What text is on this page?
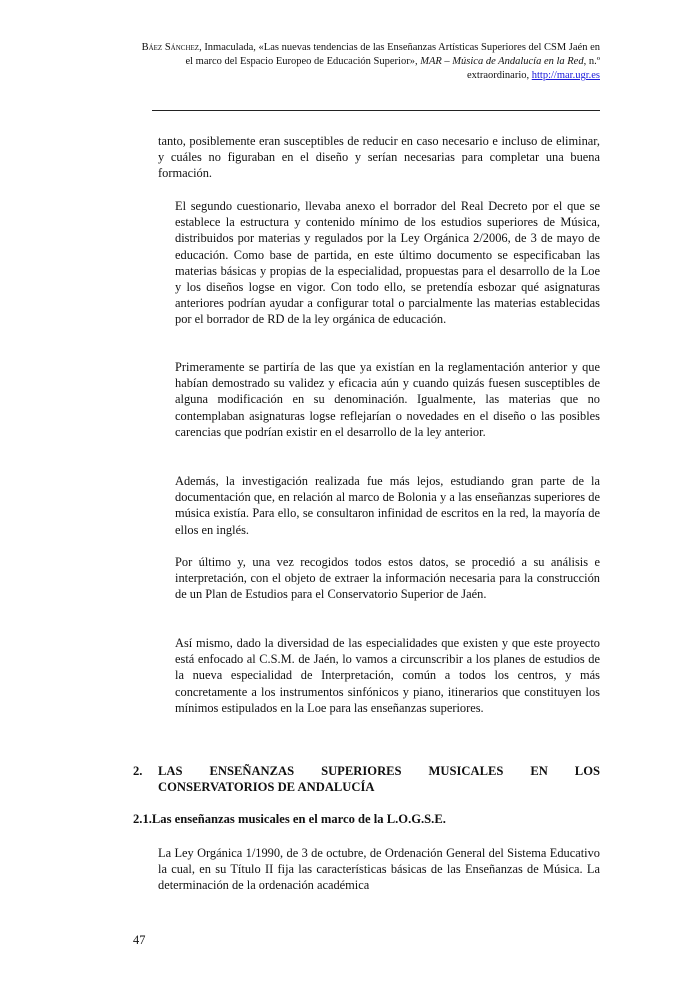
Báez Sánchez, Inmaculada, «Las nuevas tendencias de las Enseñanzas Artísticas Superiores del CSM Jaén en el marco del Espacio Europeo de Educación Superior», MAR – Música de Andalucía en la Red, n.º extraordinario, http://mar.ugr.es
tanto, posiblemente eran susceptibles de reducir en caso necesario e incluso de eliminar, y cuáles no figuraban en el diseño y serían necesarias para completar una buena formación.
El segundo cuestionario, llevaba anexo el borrador del Real Decreto por el que se establece la estructura y contenido mínimo de los estudios superiores de Música, distribuidos por materias y regulados por la Ley Orgánica 2/2006, de 3 de mayo de educación. Como base de partida, en este último documento se especificaban las materias básicas y propias de la especialidad, propuestas para el desarrollo de la Loe y los diseños logse en vigor. Con todo ello, se pretendía esbozar qué asignaturas anteriores podrían ayudar a configurar total o parcialmente las materias establecidas por el borrador de RD de la ley orgánica de educación.
Primeramente se partiría de las que ya existían en la reglamentación anterior y que habían demostrado su validez y eficacia aún y cuando quizás fuesen susceptibles de alguna modificación en su denominación. Igualmente, las materias que no contemplaban asignaturas logse reflejarían o novedades en el diseño o las posibles carencias que podrían existir en el desarrollo de la ley anterior.
Además, la investigación realizada fue más lejos, estudiando gran parte de la documentación que, en relación al marco de Bolonia y a las enseñanzas superiores de música existía. Para ello, se consultaron infinidad de escritos en la red, la mayoría de ellos en inglés.
Por último y, una vez recogidos todos estos datos, se procedió a su análisis e interpretación, con el objeto de extraer la información necesaria para la construcción de un Plan de Estudios para el Conservatorio Superior de Jaén.
Así mismo, dado la diversidad de las especialidades que existen y que este proyecto está enfocado al C.S.M. de Jaén, lo vamos a circunscribir a los planes de estudios de la nueva especialidad de Interpretación, común a todos los centros, y más concretamente a los instrumentos sinfónicos y piano, itinerarios que constituyen los mínimos estipulados en la Loe para las enseñanzas superiores.
2. LAS ENSEÑANZAS SUPERIORES MUSICALES EN LOS
CONSERVATORIOS DE ANDALUCÍA
2.1.Las enseñanzas musicales en el marco de la L.O.G.S.E.
La Ley Orgánica 1/1990, de 3 de octubre, de Ordenación General del Sistema Educativo la cual, en su Título II fija las características básicas de las Enseñanzas de Música. La determinación de la ordenación académica
47
